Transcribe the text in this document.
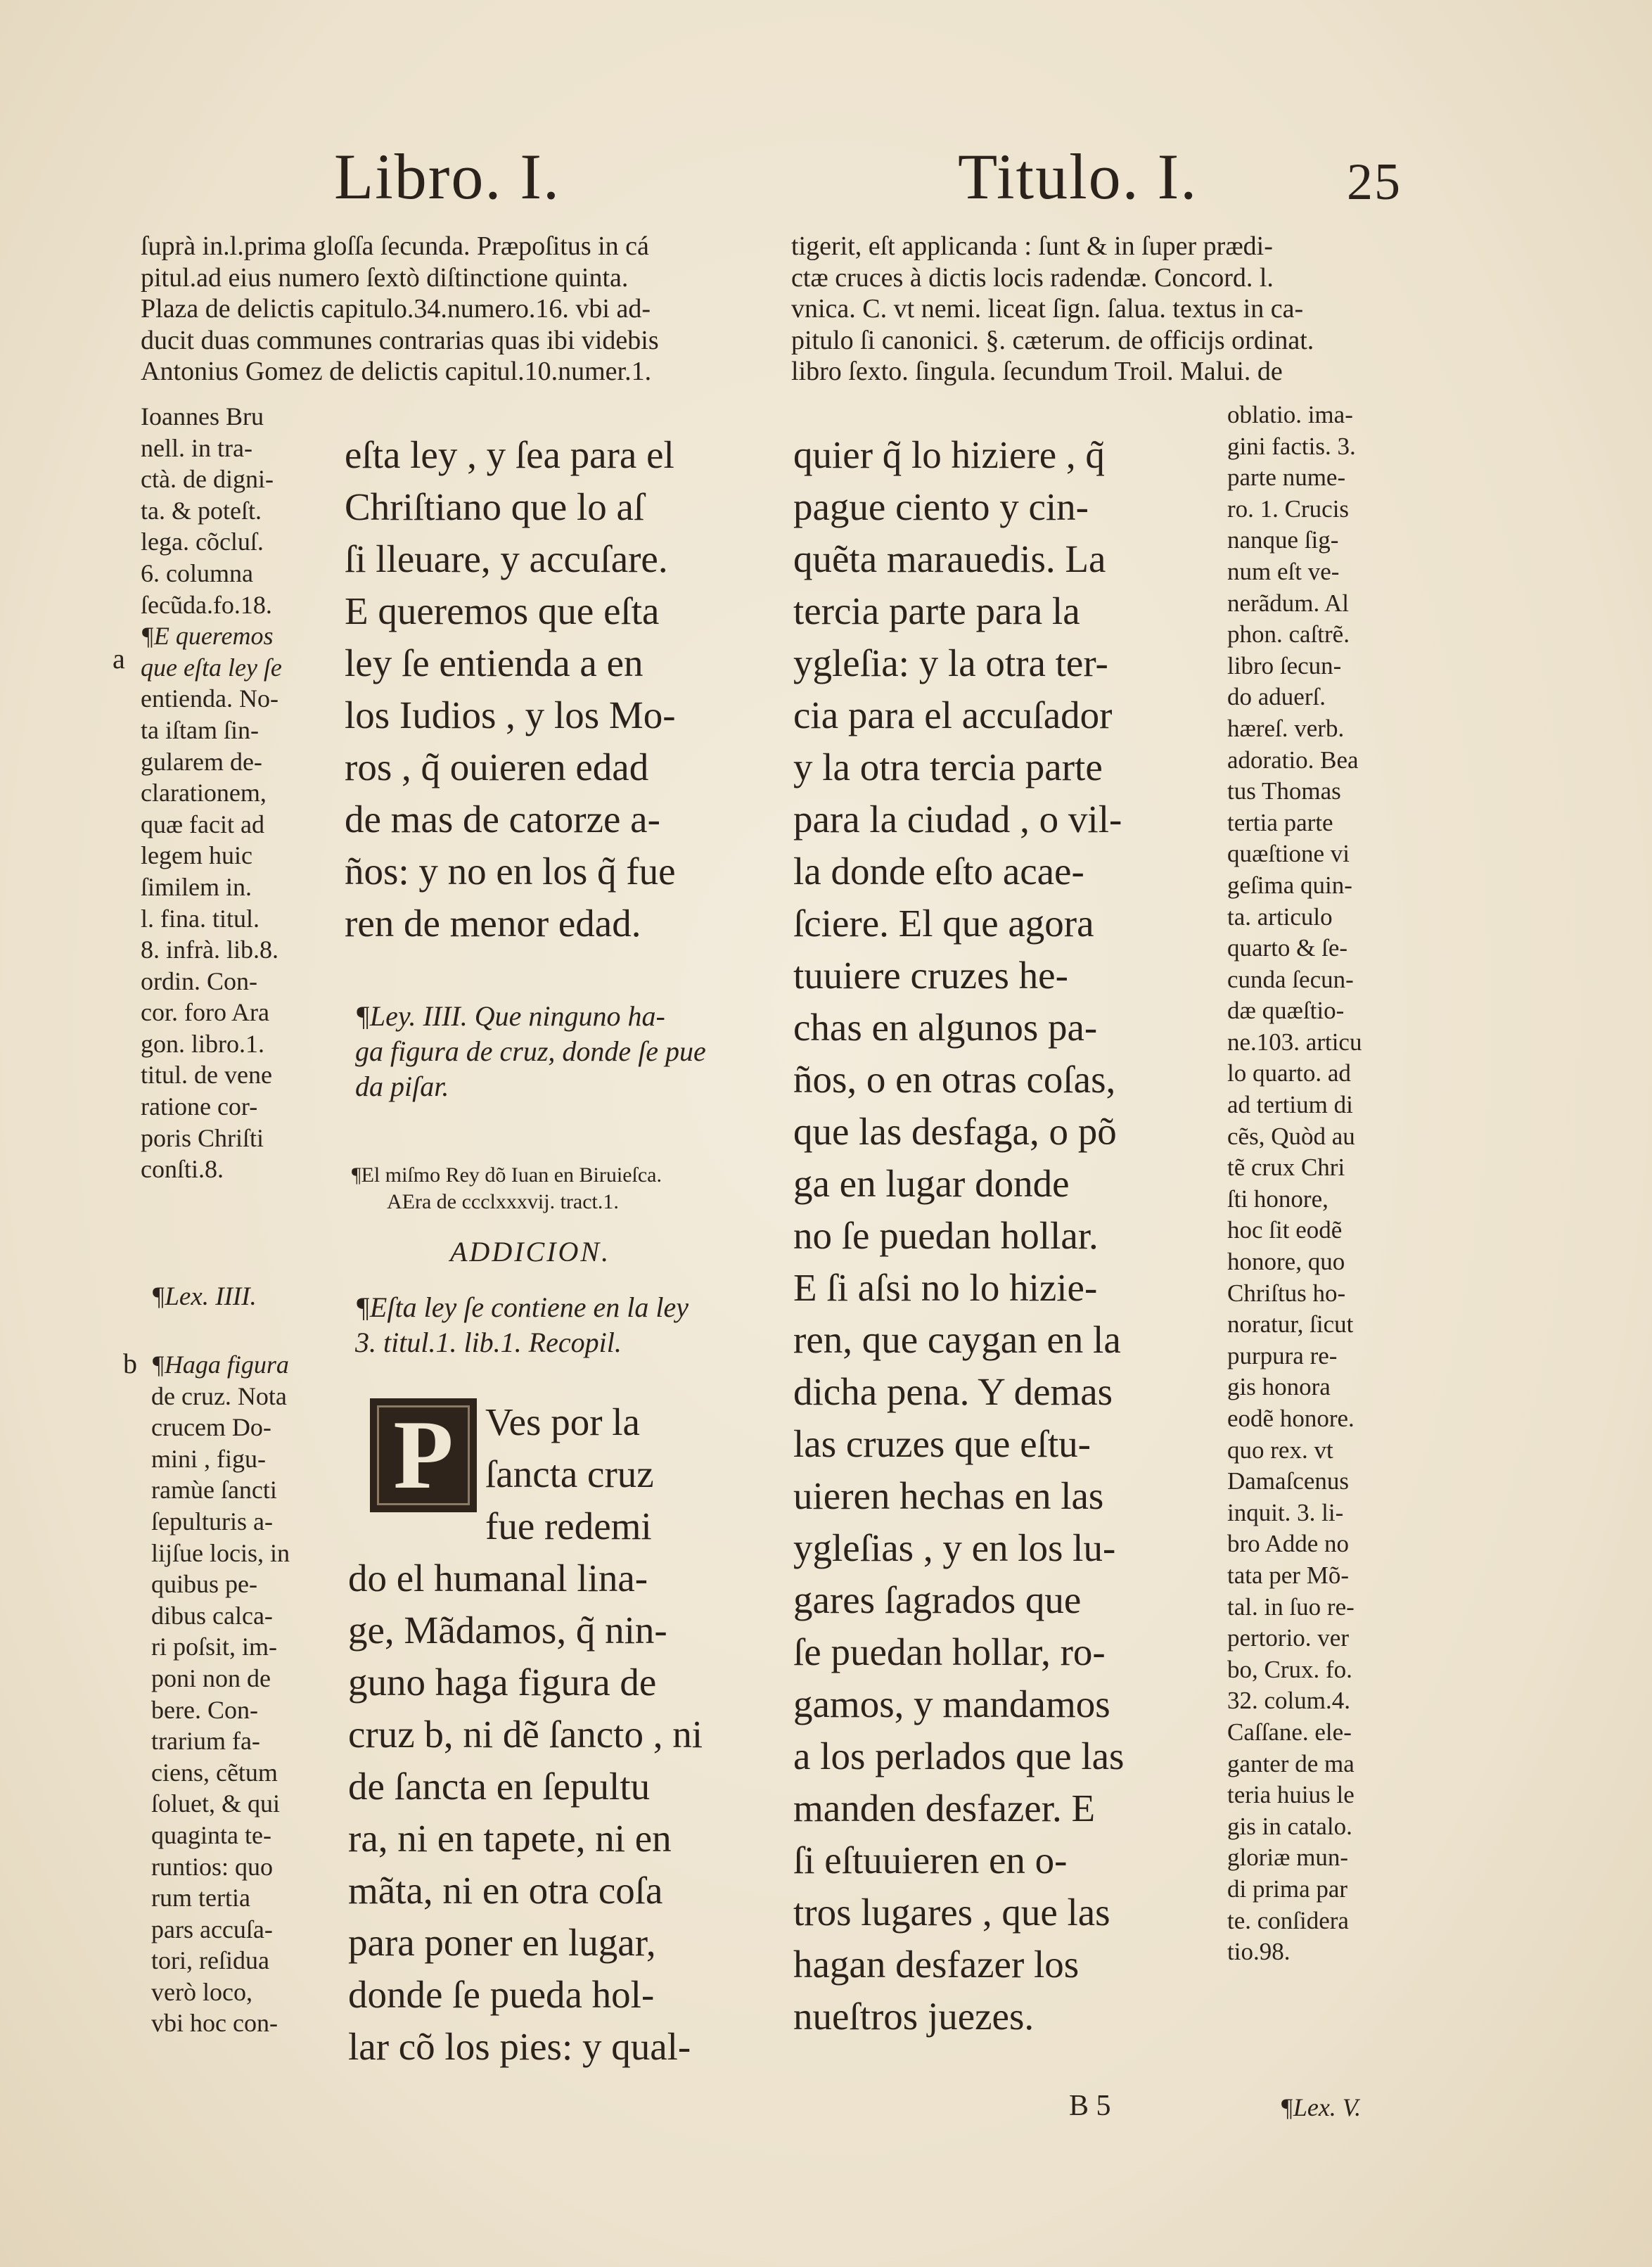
Libro. I.	Titulo. I.	25
ſuprà in.l.prima gloſſa ſecunda. Præpoſitus in cá
pitul.ad eius numero ſextò diſtinctione quinta.
Plaza de delictis capitulo.34.numero.16. vbi ad-
ducit duas communes contrarias quas ibi videbis
Antonius Gomez de delictis capitul.10.numer.1.
tigerit, eſt applicanda : ſunt & in ſuper prædi-
ctæ cruces à dictis locis radendæ. Concord. l.
vnica. C. vt nemi. liceat ſign. ſalua. textus in ca-
pitulo ſi canonici. §. cæterum. de officijs ordinat.
libro ſexto. ſingula. ſecundum Troil. Malui. de
Ioannes Bru
nell. in tra-
ctà. de digni-
ta. & poteſt.
lega. cõcluſ.
6. columna
ſecũda.fo.18.
¶E queremos
que eſta ley ſe
entienda. No-
ta iſtam ſin-
gularem de-
clarationem,
quæ facit ad
legem huic
ſimilem in.
l. fina. titul.
8. infrà. lib.8.
ordin. Con-
cor. foro Ara
gon. libro.1.
titul. de vene
ratione cor-
poris Chriſti
conſti.8.
a
¶Lex. IIII.
b ¶Haga figura
de cruz. Nota
crucem Do-
mini , figu-
ramùe ſancti
ſepulturis a-
lijſue locis, in
quibus pe-
dibus calca-
ri poſsit, im-
poni non de
bere. Con-
trarium fa-
ciens, cẽtum
ſoluet, & qui
quaginta te-
runtios: quo
rum tertia
pars accuſa-
tori, reſidua
verò loco,
vbi hoc con-
eſta ley , y ſea para el
Chriſtiano que lo aſ
ſi lleuare, y accuſare.
E queremos que eſta
ley ſe entienda a en
los Iudios , y los Mo-
ros , q̃ ouieren edad
de mas de catorze a-
ños: y no en los q̃ fue
ren de menor edad.
¶Ley. IIII. Que ninguno ha-
ga figura de cruz, donde ſe pue
da piſar.
¶El miſmo Rey dõ Iuan en Biruieſca.
AEra de ccclxxxvij. tract.1.
ADDICION.
¶Eſta ley ſe contiene en la ley
3. titul.1. lib.1. Recopil.
P Ves por la
ſancta cruz
fue redemi
do el humanal lina-
ge, Mãdamos, q̃ nin-
guno haga figura de
cruz b, ni dẽ ſancto , ni
de ſancta en ſepultu
ra, ni en tapete, ni en
mãta, ni en otra coſa
para poner en lugar,
donde ſe pueda hol-
lar cõ los pies: y qual-
quier q̃ lo hiziere , q̃
pague ciento y cin-
quẽta marauedis. La
tercia parte para la
ygleſia: y la otra ter-
cia para el accuſador
y la otra tercia parte
para la ciudad , o vil-
la donde eſto acae-
ſciere. El que agora
tuuiere cruzes he-
chas en algunos pa-
ños, o en otras coſas,
que las desfaga, o põ
ga en lugar donde
no ſe puedan hollar.
E ſi aſsi no lo hizie-
ren, que caygan en la
dicha pena. Y demas
las cruzes que eſtu-
uieren hechas en las
ygleſias , y en los lu-
gares ſagrados que
ſe puedan hollar, ro-
gamos, y mandamos
a los perlados que las
manden desfazer. E
ſi eſtuuieren en o-
tros lugares , que las
hagan desfazer los
nueſtros juezes.
oblatio. ima-
gini factis. 3.
parte nume-
ro. 1. Crucis
nanque ſig-
num eſt ve-
nerãdum. Al
phon. caſtrẽ.
libro ſecun-
do aduerſ.
hæreſ. verb.
adoratio. Bea
tus Thomas
tertia parte
quæſtione vi
geſima quin-
ta. articulo
quarto & ſe-
cunda ſecun-
dæ quæſtio-
ne.103. articu
lo quarto. ad
ad tertium di
cẽs, Quòd au
tẽ crux Chri
ſti honore,
hoc ſit eodẽ
honore, quo
Chriſtus ho-
noratur, ſicut
purpura re-
gis honora
eodẽ honore.
quo rex. vt
Damaſcenus
inquit. 3. li-
bro Adde no
tata per Mõ-
tal. in ſuo re-
pertorio. ver
bo, Crux. fo.
32. colum.4.
Caſſane. ele-
ganter de ma
teria huius le
gis in catalo.
gloriæ mun-
di prima par
te. conſidera
tio.98.
B 5	¶Lex. V.
